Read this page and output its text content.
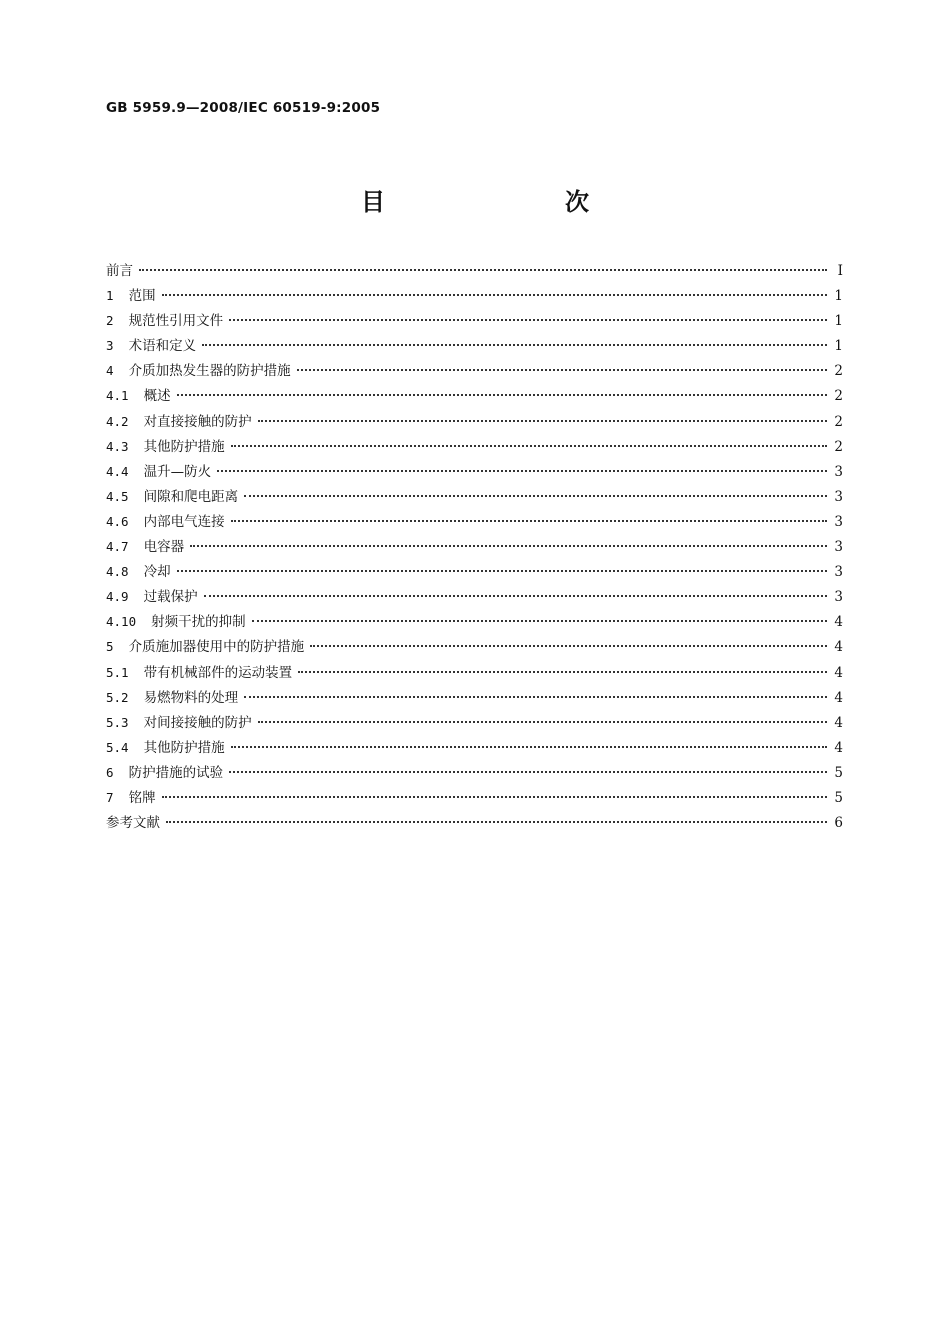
GB 5959.9—2008/IEC 60519-9:2005
目　　次
前言	Ⅰ
1 范围	1
2 规范性引用文件	1
3 术语和定义	1
4 介质加热发生器的防护措施	2
4.1 概述	2
4.2 对直接接触的防护	2
4.3 其他防护措施	2
4.4 温升—防火	3
4.5 间隙和爬电距离	3
4.6 内部电气连接	3
4.7 电容器	3
4.8 冷却	3
4.9 过载保护	3
4.10 射频干扰的抑制	4
5 介质施加器使用中的防护措施	4
5.1 带有机械部件的运动装置	4
5.2 易燃物料的处理	4
5.3 对间接接触的防护	4
5.4 其他防护措施	4
6 防护措施的试验	5
7 铭牌	5
参考文献	6
